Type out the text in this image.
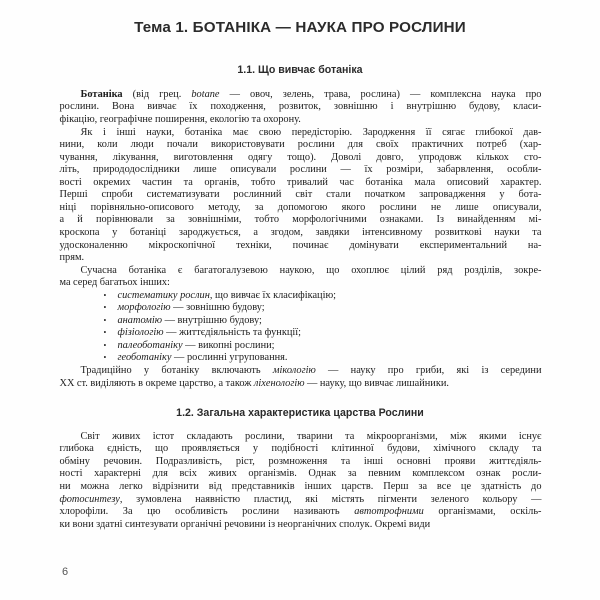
Тема 1. БОТАНІКА — НАУКА ПРО РОСЛИНИ
1.1. Що вивчає ботаніка

Ботаніка (від грец. botane — овоч, зелень, трава, рослина) — комплексна наука про
рослини. Вона вивчає їх походження, розвиток, зовнішню і внутрішню будову, класи-
фікацію, географічне поширення, екологію та охорону.

Як і інші науки, ботаніка має свою передісторію. Зародження її сягає глибокої дав-
нини, коли люди почали використовувати рослини для своїх практичних потреб (хар-
чування, лікування, виготовлення одягу тощо). Доволі довго, упродовж кількох сто-
літь, природодослідники лише описували рослини — їх розміри, забарвлення, особли-
вості окремих частин та органів, тобто тривалий час ботаніка мала описовий характер.
Перші спроби систематизувати рослинний світ стали початком запровадження у бота-
ніці порівняльно-описового методу, за допомогою якого рослини не лише описували,
а й порівнювали за зовнішніми, тобто морфологічними ознаками. Із винайденням мі-
кроскопа у ботаніці зароджується, а згодом, завдяки інтенсивному розвиткові науки та
удосконаленню мікроскопічної техніки, починає домінувати експериментальний на-
прям.

Сучасна ботаніка є багатогалузевою наукою, що охоплює цілий ряд розділів, зокре-
ма серед багатьох інших:

• систематику рослин, що вивчає їх класифікацію;
• морфологію — зовнішню будову;
• анатомію — внутрішню будову;
• фізіологію — життєдіяльність та функції;
• палеоботаніку — викопні рослини;
• геоботаніку — рослинні угруповання.

Традиційно у ботаніку включають мікологію — науку про гриби, які із середини
ХХ ст. виділяють в окреме царство, а також ліхенологію — науку, що вивчає лишайники.

1.2. Загальна характеристика царства Рослини

Світ живих істот складають рослини, тварини та мікроорганізми, між якими існує
глибока єдність, що проявляється у подібності клітинної будови, хімічного складу та
обміну речовин. Подразливість, ріст, розмноження та інші основні прояви життєдіяль-
ності характерні для всіх живих організмів. Однак за певним комплексом ознак росли-
ни можна легко відрізнити від представників інших царств. Перш за все це здатність до
фотосинтезу, зумовлена наявністю пластид, які містять пігменти зеленого кольору —
хлорофіли. За цю особливість рослини називають автотрофними організмами, оскіль-
ки вони здатні синтезувати органічні речовини із неорганічних сполук. Окремі види

6
